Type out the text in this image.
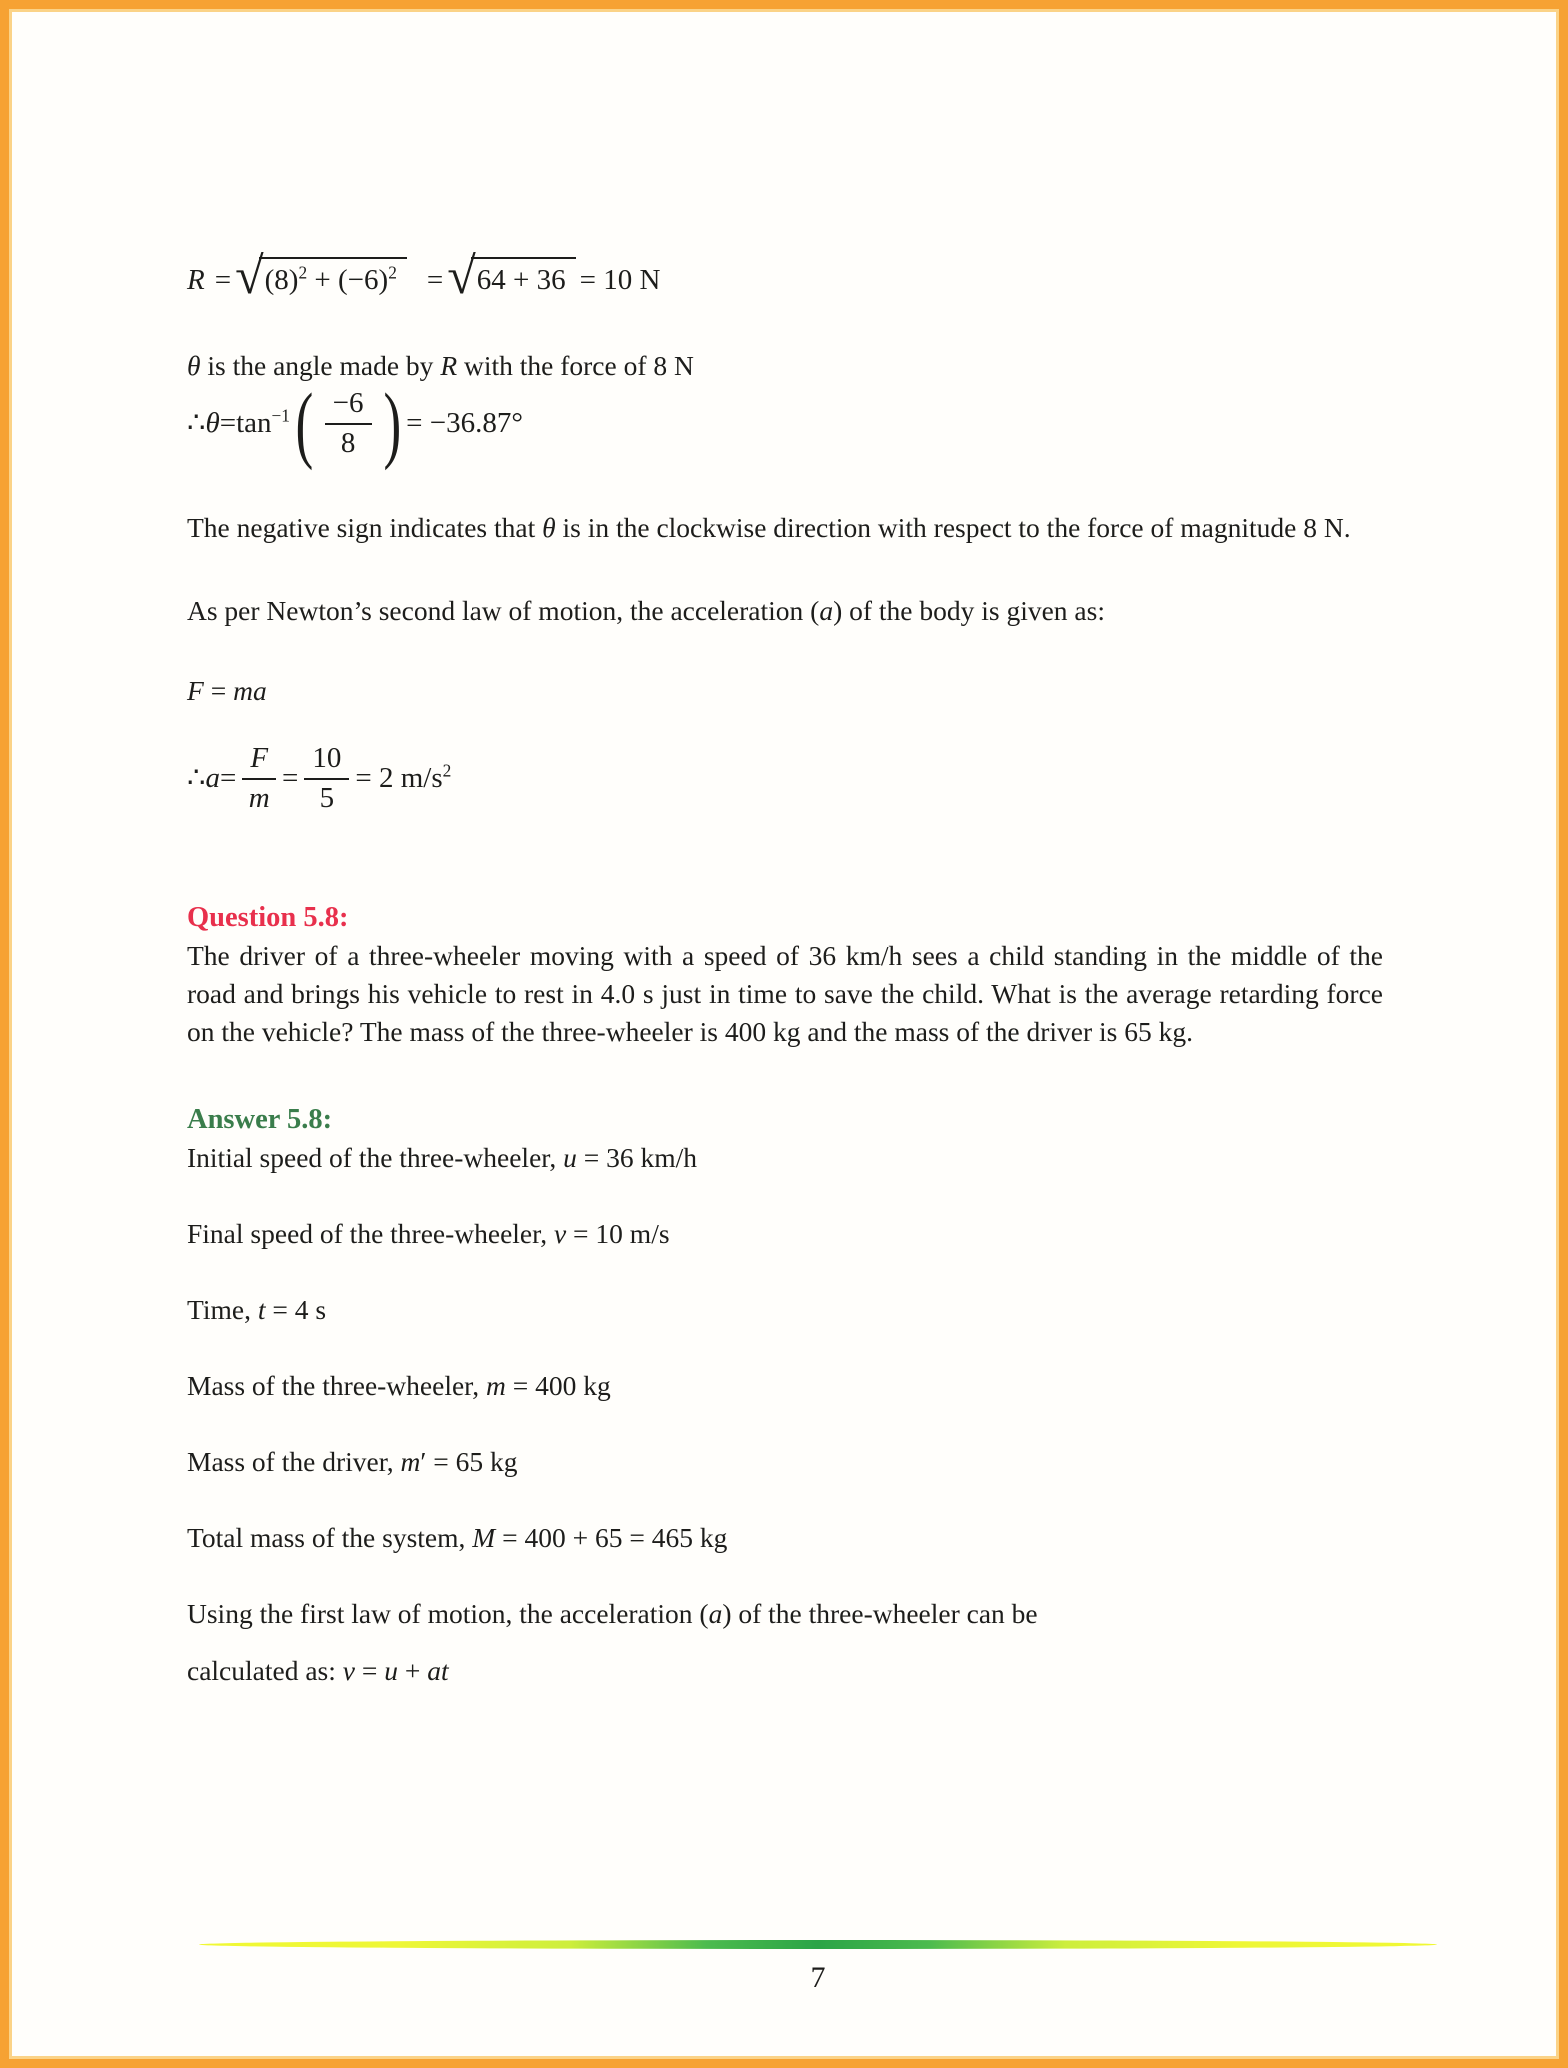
R = √ $(8)^2 + (-6)^2$	= √ 64 + 36 = 10 N

θ is the angle made by R with the force of 8 N

∴ $\theta = \tan^{-1}$ ( $\frac{-6}{8}$ ) = −36.87°

The negative sign indicates that θ is in the clockwise direction with respect to the force of magnitude 8 N.

As per Newton’s second law of motion, the acceleration (a) of the body is given as:

F = ma

∴ $a = \frac{F}{m} = \frac{10}{5} = 2$ $m/s^2$

Question 5.8:

The driver of a three-wheeler moving with a speed of 36 km/h sees a child standing in the middle of the road and brings his vehicle to rest in 4.0 s just in time to save the child. What is the average retarding force on the vehicle? The mass of the three-wheeler is 400 kg and the mass of the driver is 65 kg.

Answer 5.8:

Initial speed of the three-wheeler, u = 36 km/h

Final speed of the three-wheeler, v = 10 m/s

Time, t = 4 s

Mass of the three-wheeler, m = 400 kg

Mass of the driver, m′ = 65 kg

Total mass of the system, M = 400 + 65 = 465 kg

Using the first law of motion, the acceleration (a) of the three-wheeler can be

calculated as: v = u + at

7
